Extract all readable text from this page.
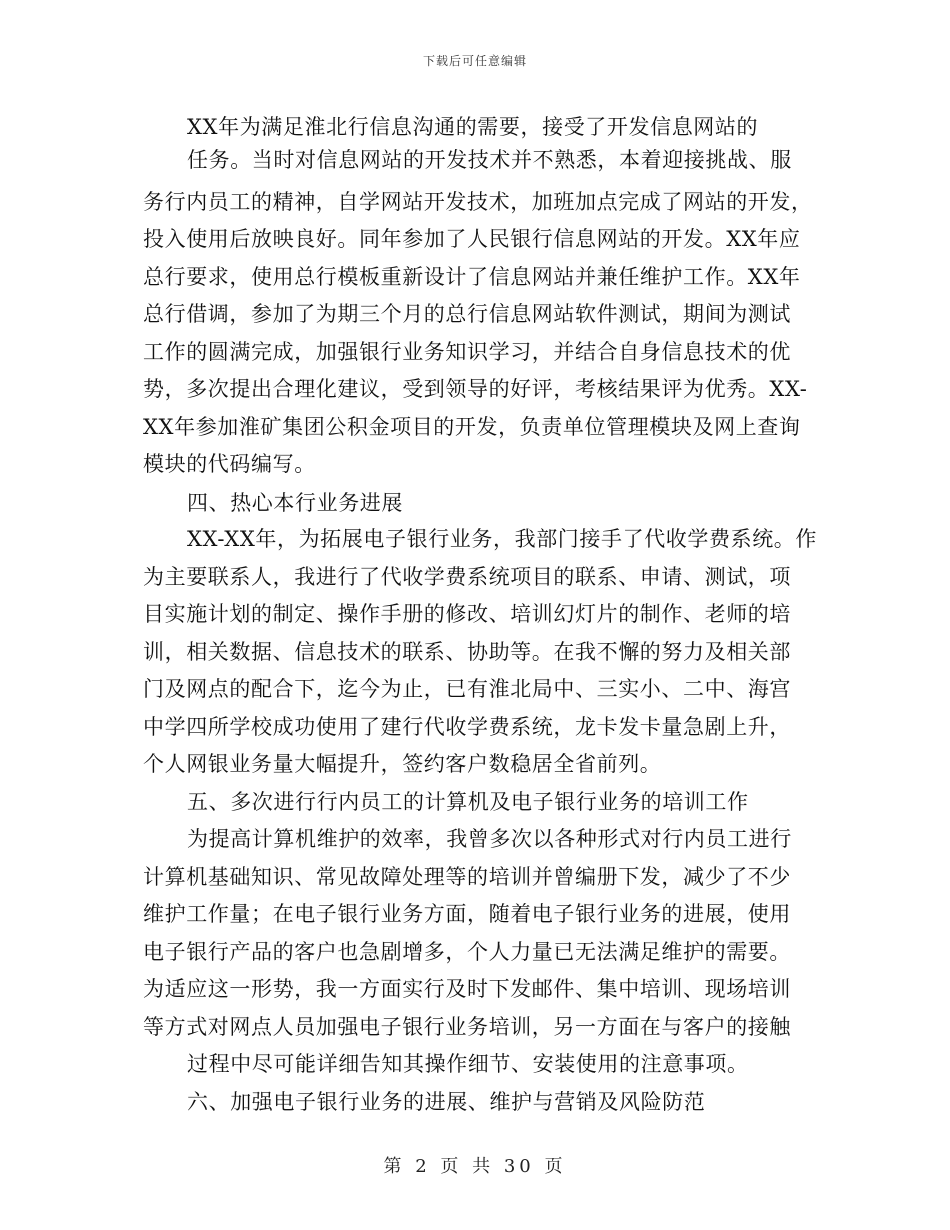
下载后可任意编辑
XX年为满足淮北行信息沟通的需要，接受了开发信息网站的
任务。当时对信息网站的开发技术并不熟悉，本着迎接挑战、服
务行内员工的精神，自学网站开发技术，加班加点完成了网站的开发，
投入使用后放映良好。同年参加了人民银行信息网站的开发。XX年应
总行要求，使用总行模板重新设计了信息网站并兼任维护工作。XX年
总行借调，参加了为期三个月的总行信息网站软件测试，期间为测试
工作的圆满完成，加强银行业务知识学习，并结合自身信息技术的优
势，多次提出合理化建议，受到领导的好评，考核结果评为优秀。XX-
XX年参加淮矿集团公积金项目的开发，负责单位管理模块及网上查询
模块的代码编写。
四、热心本行业务进展
XX-XX年，为拓展电子银行业务，我部门接手了代收学费系统。作
为主要联系人，我进行了代收学费系统项目的联系、申请、测试，项
目实施计划的制定、操作手册的修改、培训幻灯片的制作、老师的培
训，相关数据、信息技术的联系、协助等。在我不懈的努力及相关部
门及网点的配合下，迄今为止，已有淮北局中、三实小、二中、海宫
中学四所学校成功使用了建行代收学费系统，龙卡发卡量急剧上升，
个人网银业务量大幅提升，签约客户数稳居全省前列。
五、多次进行行内员工的计算机及电子银行业务的培训工作
为提高计算机维护的效率，我曾多次以各种形式对行内员工进行
计算机基础知识、常见故障处理等的培训并曾编册下发，减少了不少
维护工作量；在电子银行业务方面，随着电子银行业务的进展，使用
电子银行产品的客户也急剧增多，个人力量已无法满足维护的需要。
为适应这一形势，我一方面实行及时下发邮件、集中培训、现场培训
等方式对网点人员加强电子银行业务培训，另一方面在与客户的接触
过程中尽可能详细告知其操作细节、安装使用的注意事项。
六、加强电子银行业务的进展、维护与营销及风险防范
第 2 页 共 30 页
